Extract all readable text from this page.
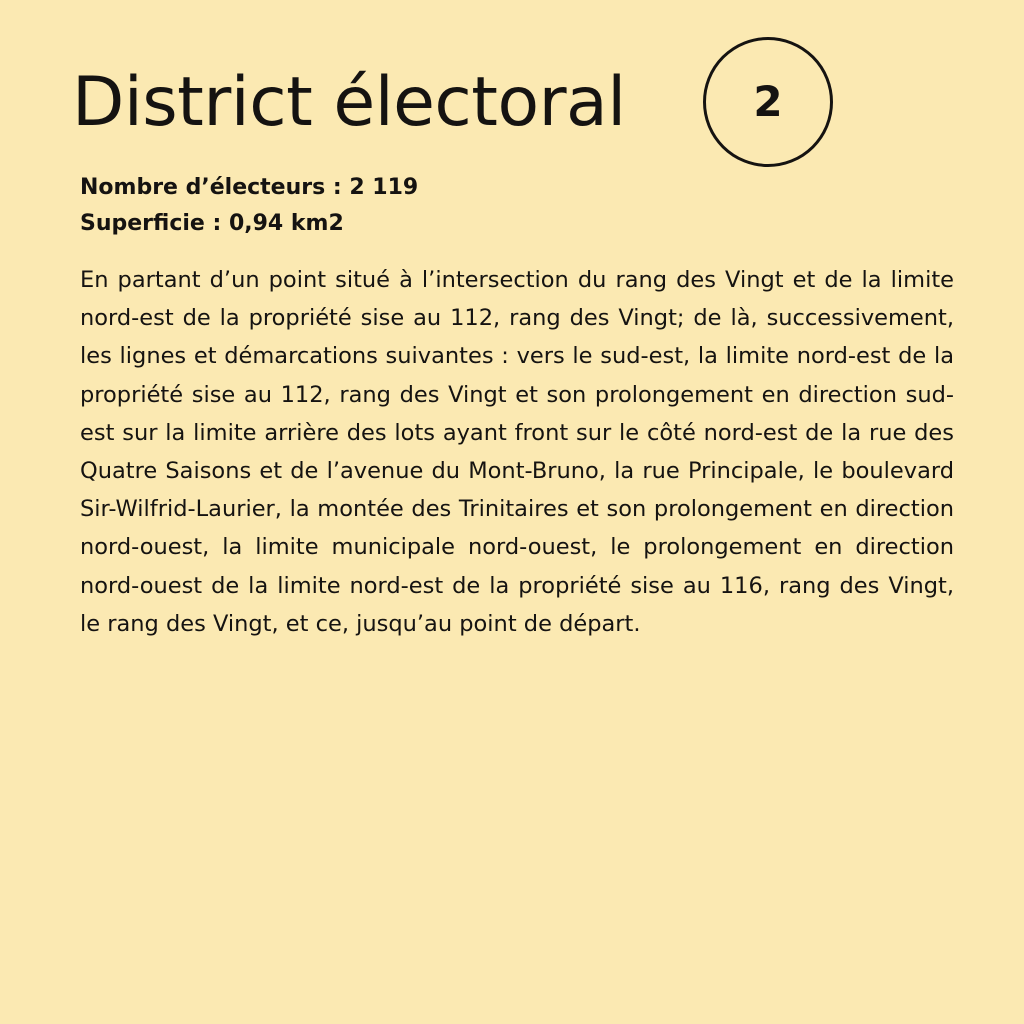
District électoral	2
Nombre d’électeurs : 2 119
Superficie : 0,94 km2

En partant d’un point situé à l’intersection du rang des Vingt et de la limite nord-est de la propriété sise au 112, rang des Vingt; de là, successivement, les lignes et démarcations suivantes : vers le sud-est, la limite nord-est de la propriété sise au 112, rang des Vingt et son prolongement en direction sud-est sur la limite arrière des lots ayant front sur le côté nord-est de la rue des Quatre Saisons et de l’avenue du Mont-Bruno, la rue Principale, le boulevard Sir-Wilfrid-Laurier, la montée des Trinitaires et son prolongement en direction nord-ouest, la limite municipale nord-ouest, le prolongement en direction nord-ouest de la limite nord-est de la propriété sise au 116, rang des Vingt, le rang des Vingt, et ce, jusqu’au point de départ.
